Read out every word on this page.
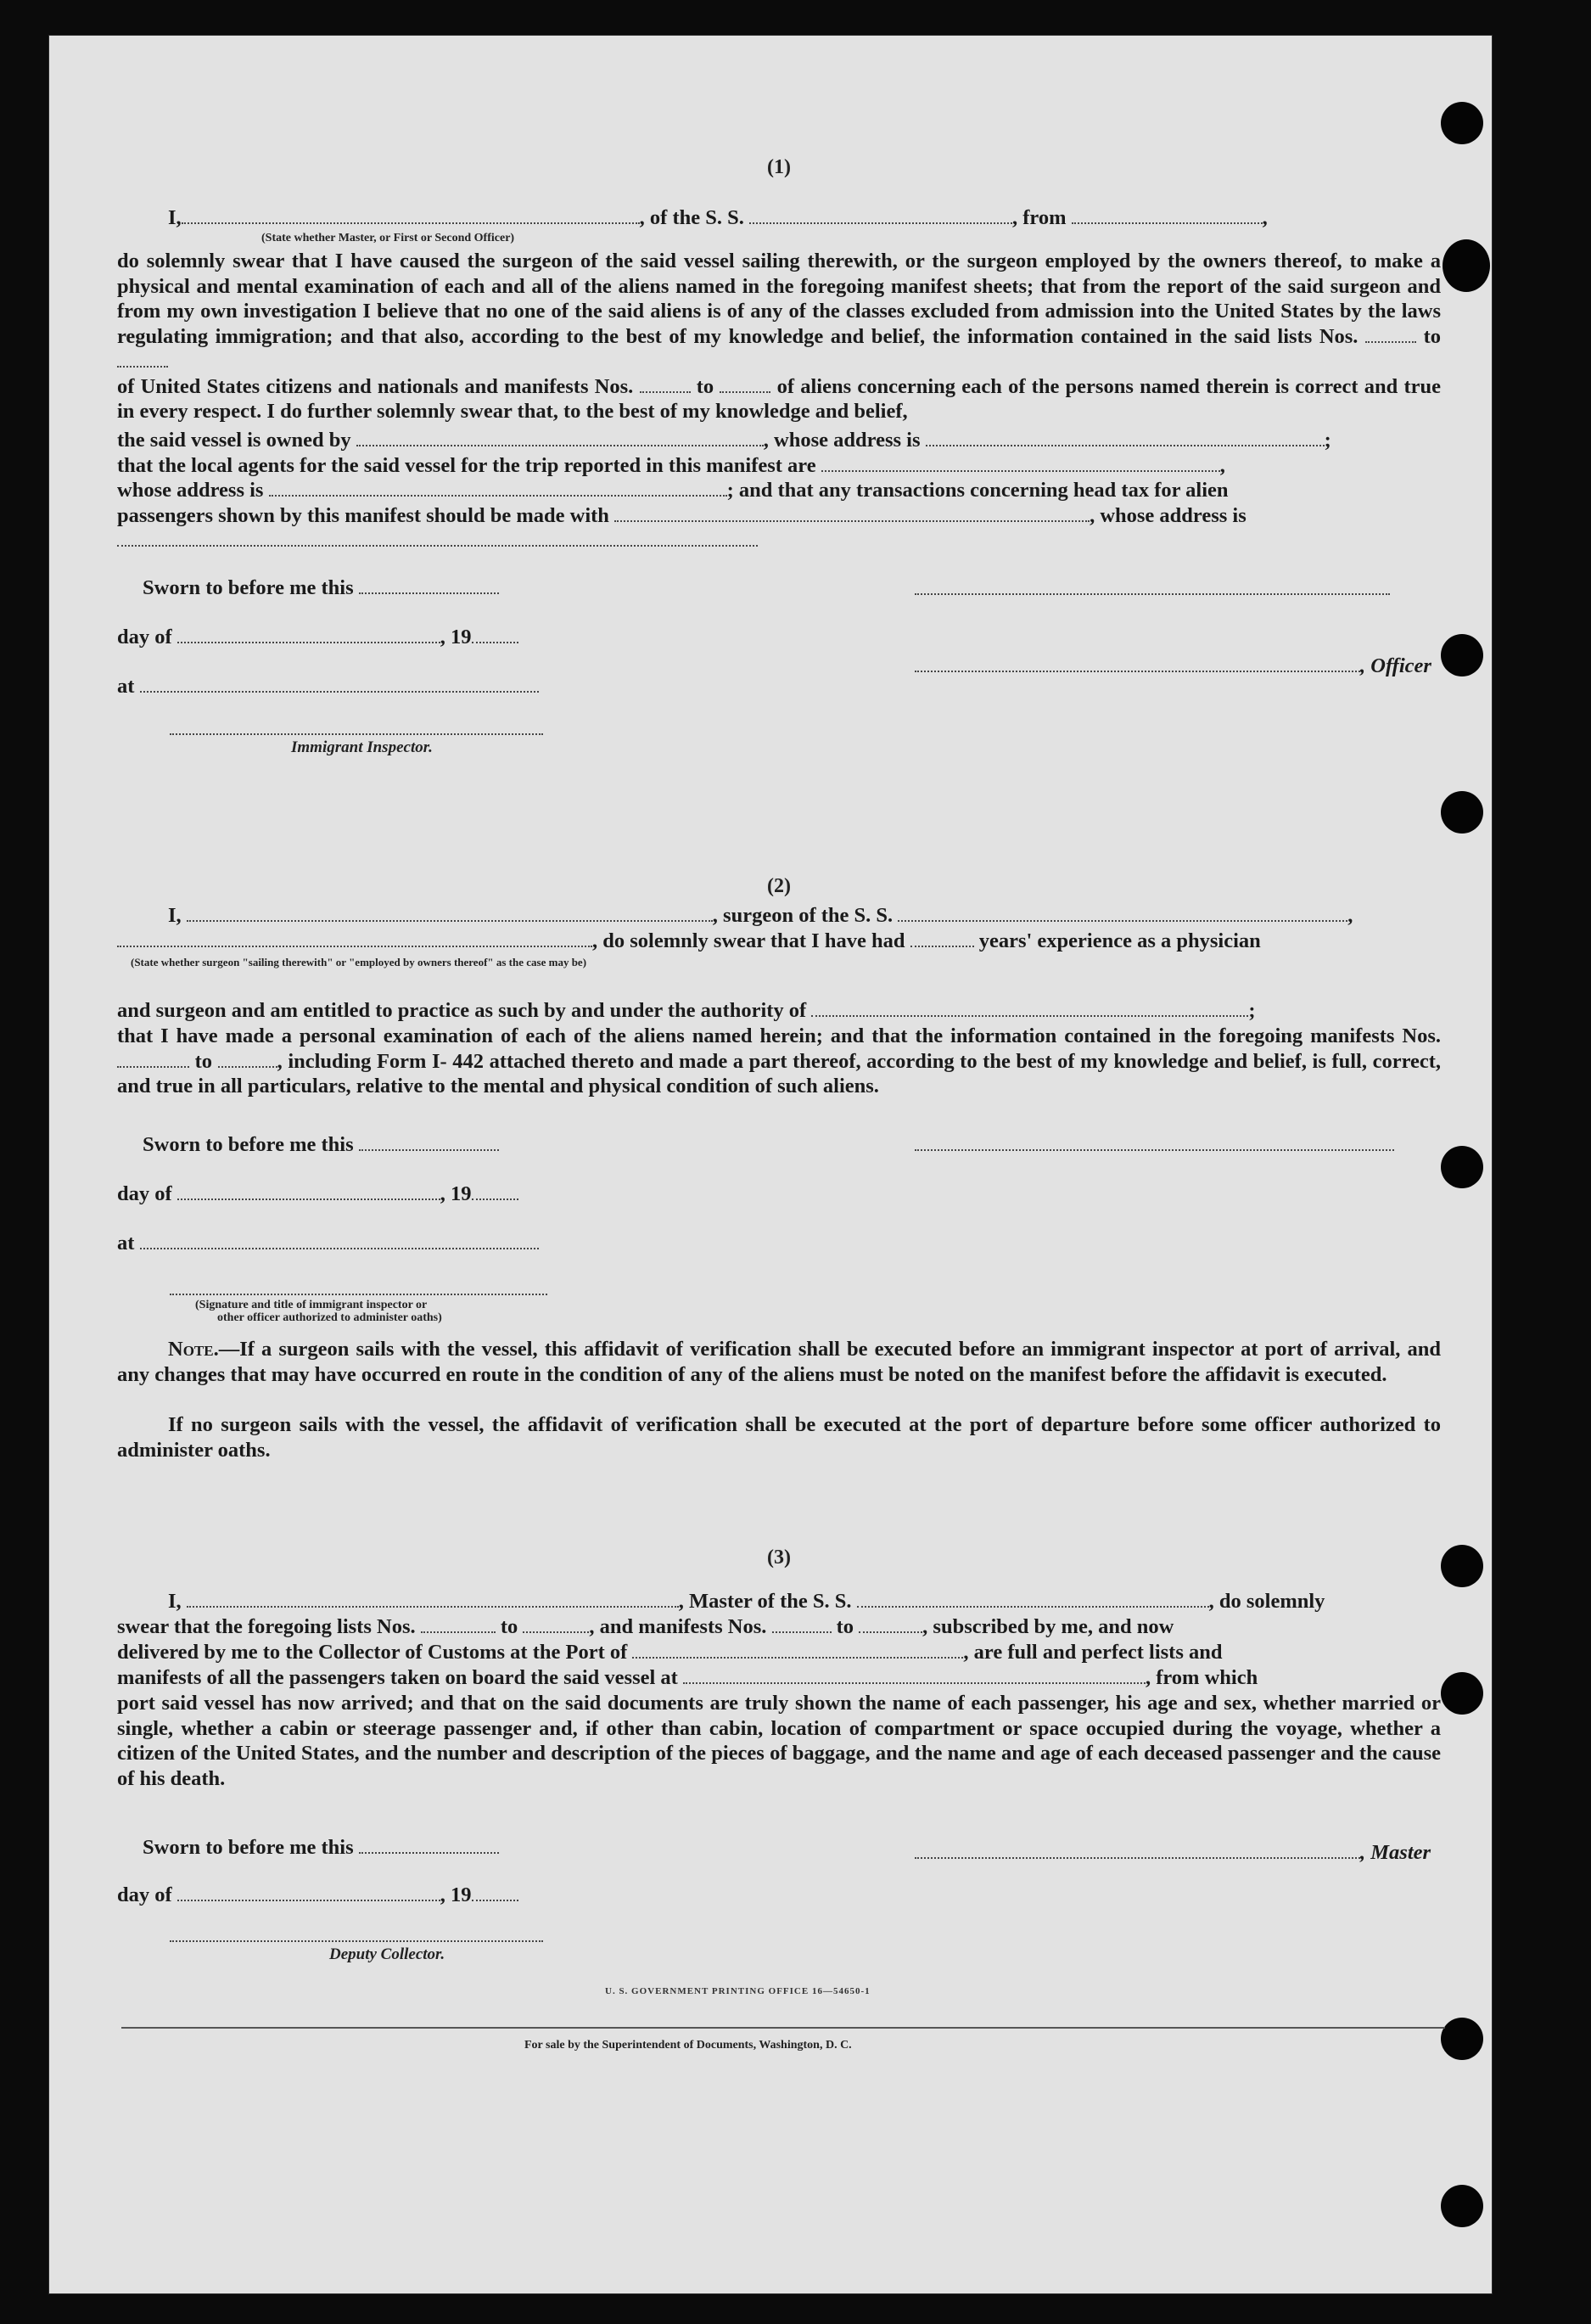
(1)
I,	, of the S. S.	, from	,
(State whether Master, or First or Second Officer)
do solemnly swear that I have caused the surgeon of the said vessel sailing therewith, or the surgeon employed by the owners thereof, to make a physical and mental examination of each and all of the aliens named in the foregoing manifest sheets; that from the report of the said surgeon and from my own investigation I believe that no one of the said aliens is of any of the classes excluded from admission into the United States by the laws regulating immigration; and that also, according to the best of my knowledge and belief, the information contained in the said lists Nos.	to
of United States citizens and nationals and manifests Nos.	to	of aliens concerning each of the persons named therein is correct and true in every respect. I do further solemnly swear that, to the best of my knowledge and belief,
the said vessel is owned by	, whose address is	;
that the local agents for the said vessel for the trip reported in this manifest are	,
whose address is	; and that any transactions concerning head tax for alien
passengers shown by this manifest should be made with	, whose address is
Sworn to before me this
day of	, 19
at
, Officer
Immigrant Inspector.
(2)
I,	, surgeon of the S. S.	,
, do solemnly swear that I have had	years' experience as a physician
(State whether surgeon "sailing therewith" or "employed by owners thereof" as the case may be)
and surgeon and am entitled to practice as such by and under the authority of	;
that I have made a personal examination of each of the aliens named herein; and that the information contained in the foregoing manifests Nos.  to	, including Form I- 442 attached thereto and made a part thereof, according to the best of my knowledge and belief, is full, correct, and true in all particulars, relative to the mental and physical condition of such aliens.
Sworn to before me this
day of	, 19
at
(Signature and title of immigrant inspector or
other officer authorized to administer oaths)
Note.—If a surgeon sails with the vessel, this affidavit of verification shall be executed before an immigrant inspector at port of arrival, and any changes that may have occurred en route in the condition of any of the aliens must be noted on the manifest before the affidavit is executed.
If no surgeon sails with the vessel, the affidavit of verification shall be executed at the port of departure before some officer authorized to administer oaths.
(3)
I,	, Master of the S. S.	, do solemnly
swear that the foregoing lists Nos.	to	, and manifests Nos.	to	, subscribed by me, and now
delivered by me to the Collector of Customs at the Port of	, are full and perfect lists and
manifests of all the passengers taken on board the said vessel at	, from which
port said vessel has now arrived; and that on the said documents are truly shown the name of each passenger, his age and sex, whether married or single, whether a cabin or steerage passenger and, if other than cabin, location of compartment or space occupied during the voyage, whether a citizen of the United States, and the number and description of the pieces of baggage, and the name and age of each deceased passenger and the cause of his death.
Sworn to before me this	, Master
day of	, 19
Deputy Collector.
U. S. GOVERNMENT PRINTING OFFICE 16—54650-1
For sale by the Superintendent of Documents, Washington, D. C.
